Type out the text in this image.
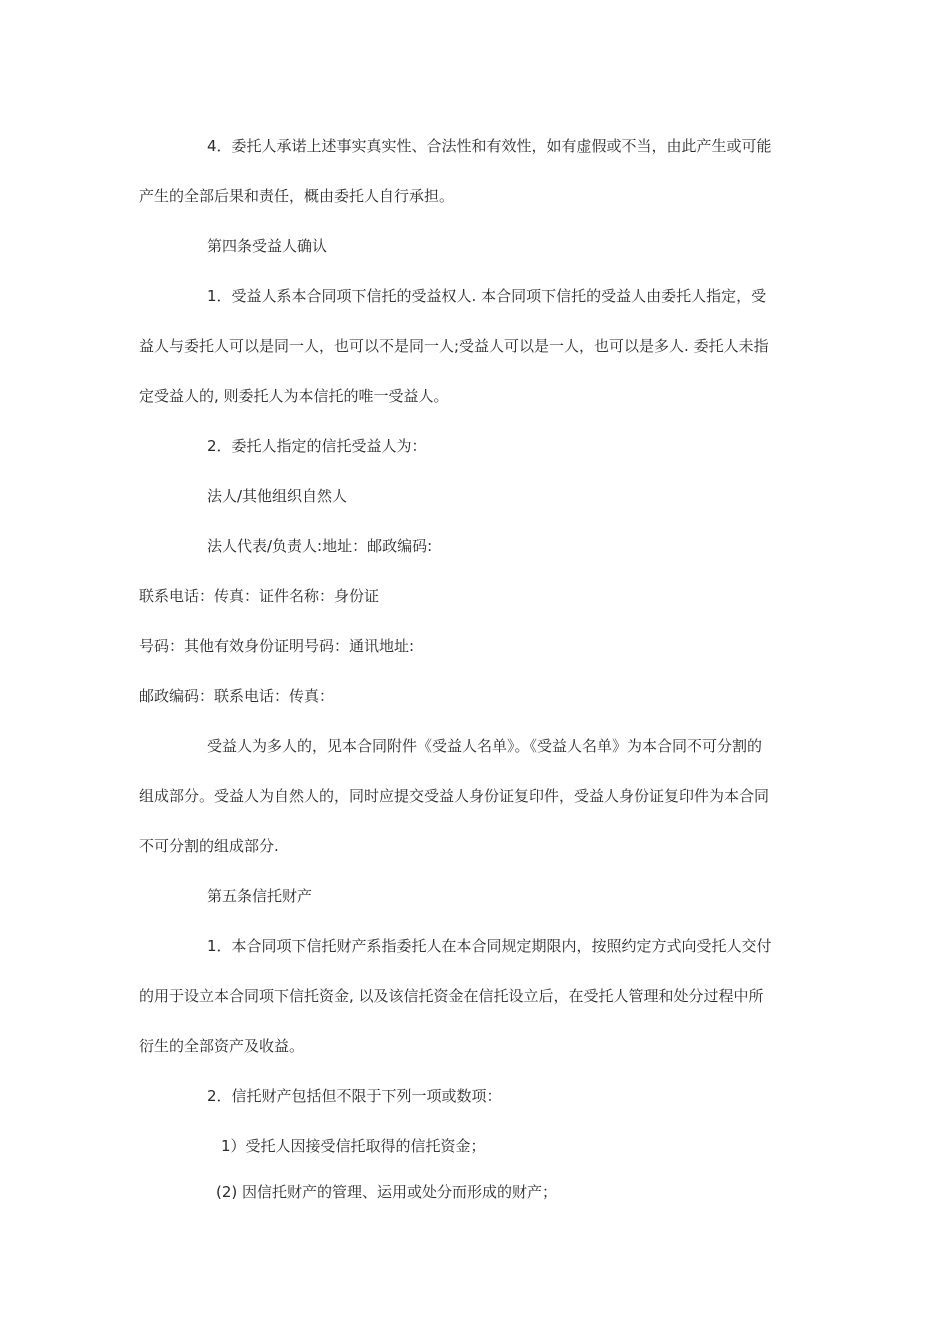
4．委托人承诺上述事实真实性、合法性和有效性，如有虚假或不当，由此产生或可能
产生的全部后果和责任，概由委托人自行承担。
第四条受益人确认
1．受益人系本合同项下信托的受益权人. 本合同项下信托的受益人由委托人指定，受
益人与委托人可以是同一人，也可以不是同一人;受益人可以是一人，也可以是多人. 委托人未指
定受益人的, 则委托人为本信托的唯一受益人。
2．委托人指定的信托受益人为：
法人/其他组织自然人
法人代表/负责人:地址：邮政编码:
联系电话：传真：证件名称：身份证
号码：其他有效身份证明号码：通讯地址:
邮政编码：联系电话：传真：
受益人为多人的，见本合同附件《受益人名单》。《受益人名单》为本合同不可分割的
组成部分。受益人为自然人的，同时应提交受益人身份证复印件，受益人身份证复印件为本合同
不可分割的组成部分.
第五条信托财产
1．本合同项下信托财产系指委托人在本合同规定期限内，按照约定方式向受托人交付
的用于设立本合同项下信托资金, 以及该信托资金在信托设立后，在受托人管理和处分过程中所
衍生的全部资产及收益。
2．信托财产包括但不限于下列一项或数项：
1）受托人因接受信托取得的信托资金；
(2) 因信托财产的管理、运用或处分而形成的财产；
